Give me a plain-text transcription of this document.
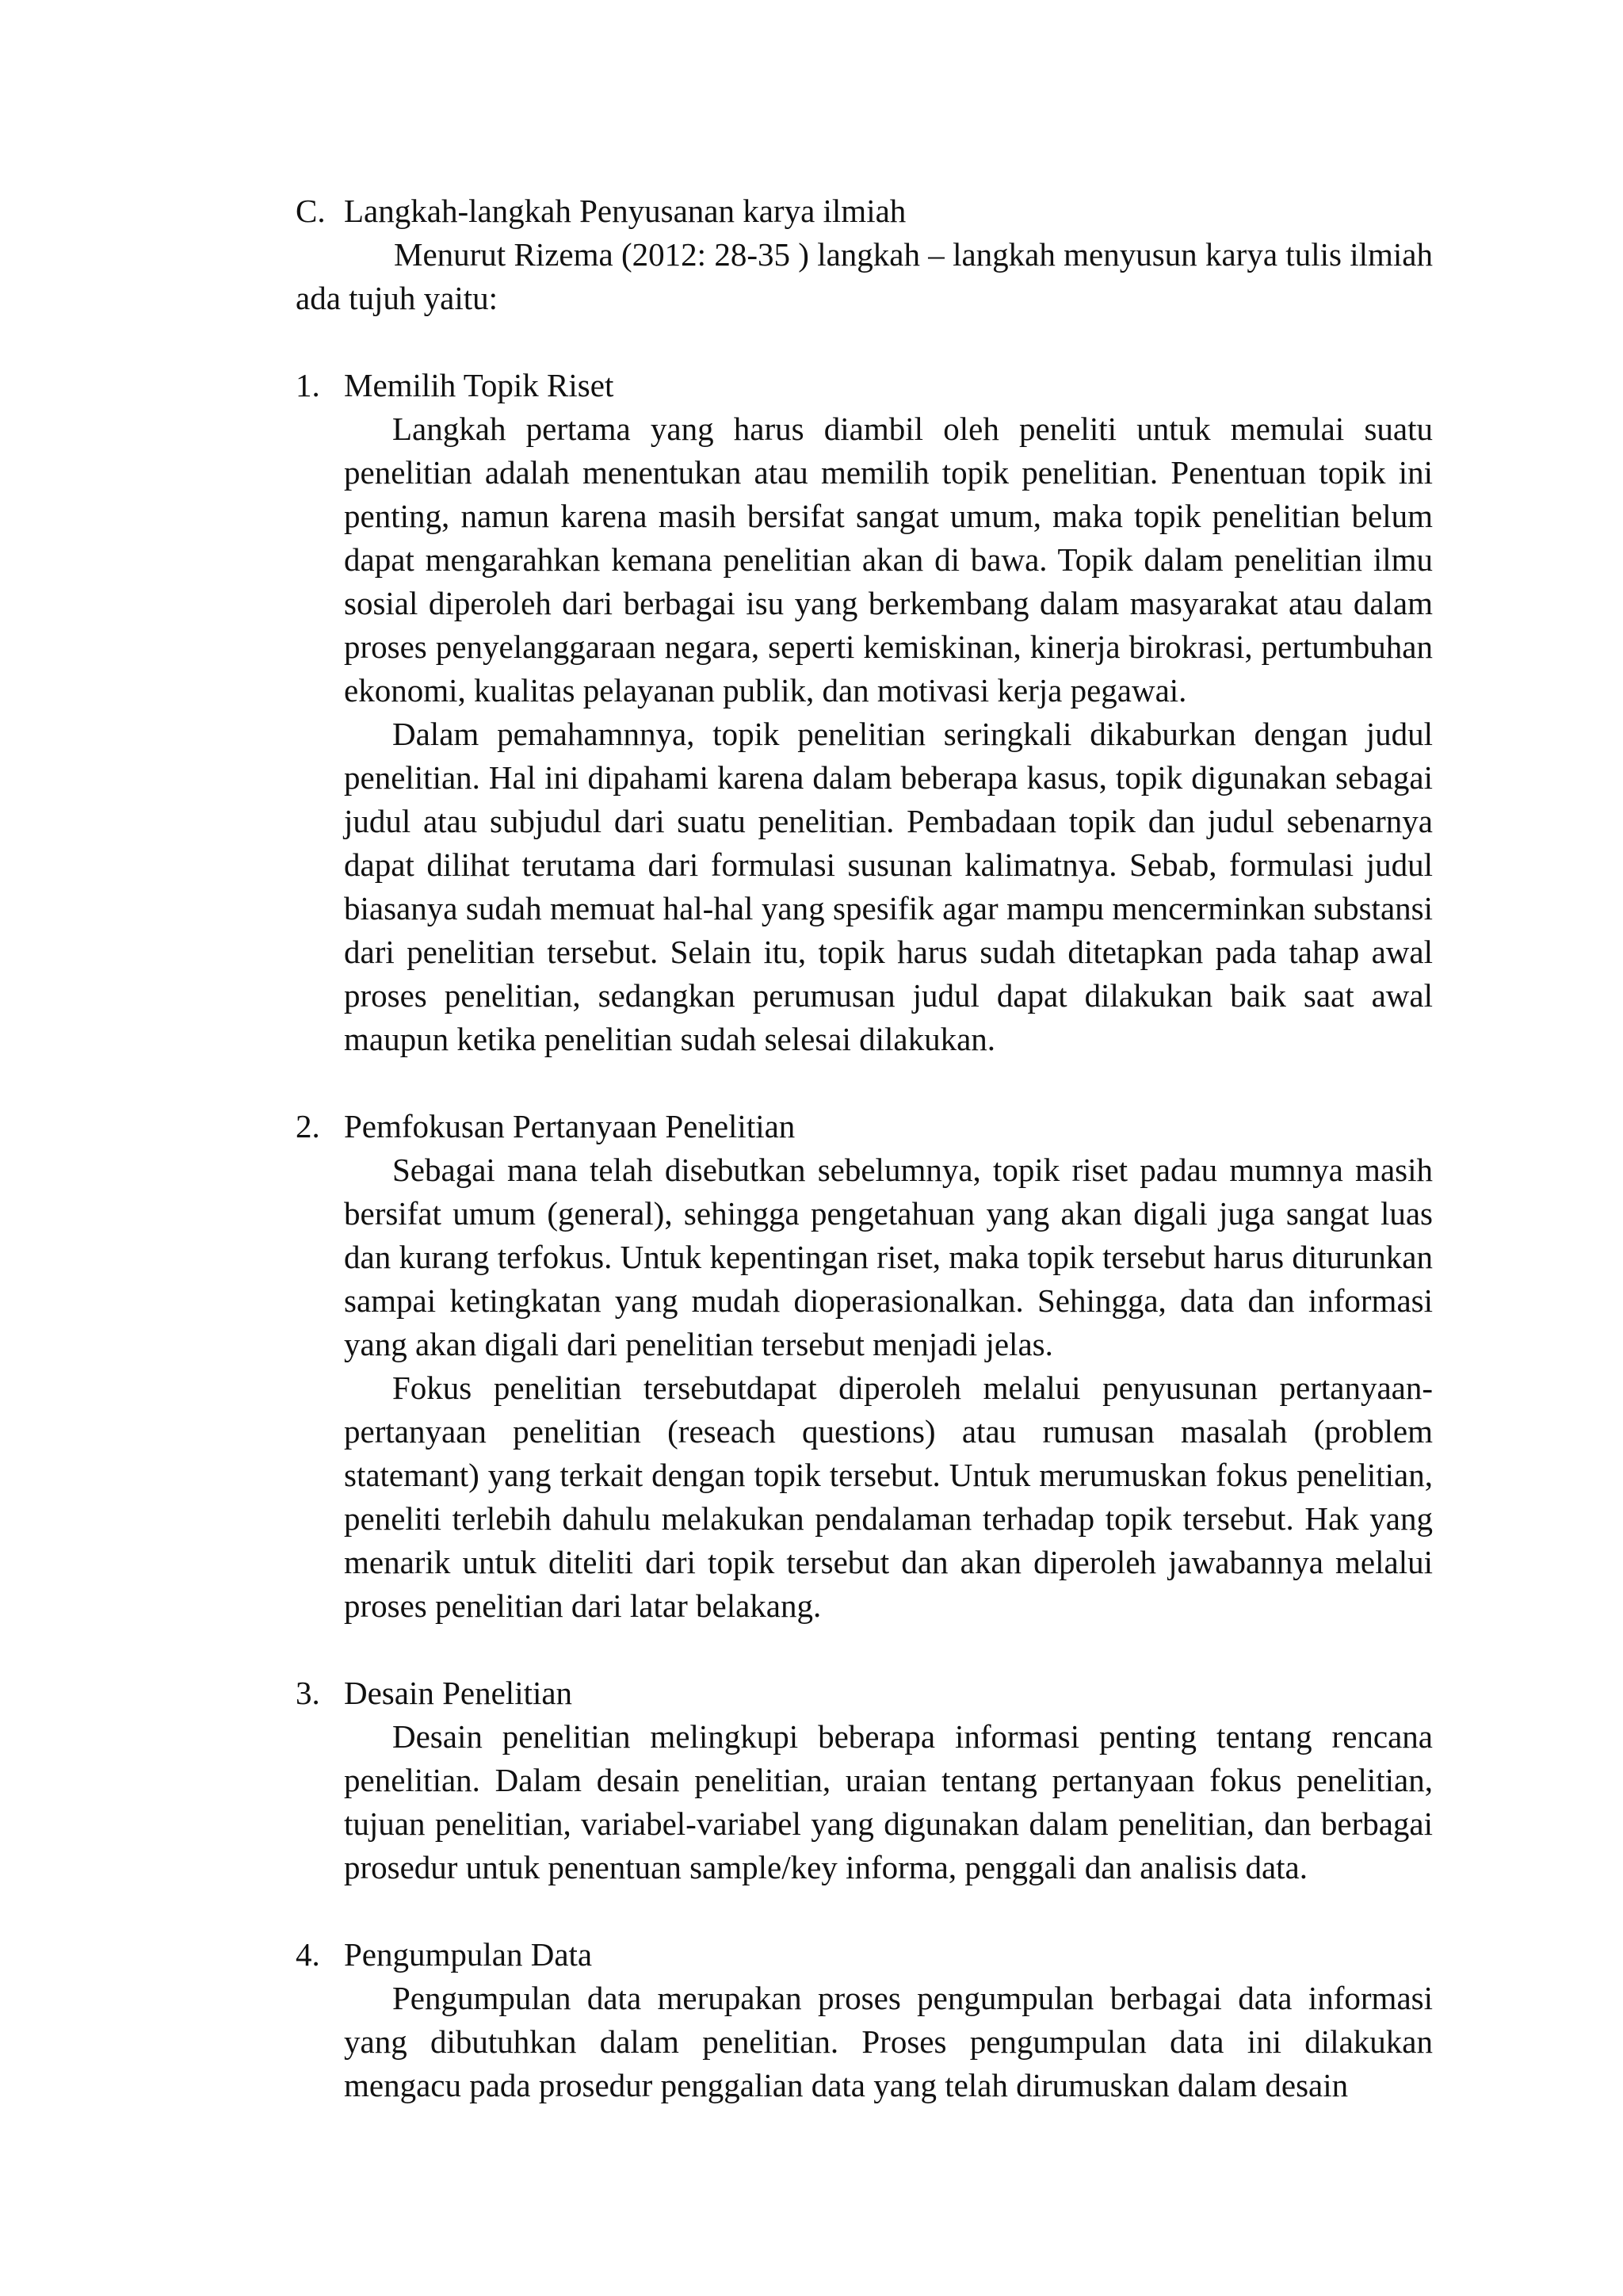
C. Langkah-langkah Penyusanan karya ilmiah

Menurut Rizema (2012: 28-35 ) langkah – langkah menyusun karya tulis ilmiah ada tujuh yaitu:

1. Memilih Topik Riset

Langkah pertama yang harus diambil oleh peneliti untuk memulai suatu penelitian adalah menentukan atau memilih topik penelitian. Penentuan topik ini penting, namun karena masih bersifat sangat umum, maka topik penelitian belum dapat mengarahkan kemana penelitian akan di bawa. Topik dalam penelitian ilmu sosial diperoleh dari berbagai isu yang berkembang dalam masyarakat atau dalam proses penyelanggaraan negara, seperti kemiskinan, kinerja birokrasi, pertumbuhan ekonomi, kualitas pelayanan publik, dan motivasi kerja pegawai.

Dalam pemahamnnya, topik penelitian seringkali dikaburkan dengan judul penelitian. Hal ini dipahami karena dalam beberapa kasus, topik digunakan sebagai judul atau subjudul dari suatu penelitian. Pembadaan topik dan judul sebenarnya dapat dilihat terutama dari formulasi susunan kalimatnya. Sebab, formulasi judul biasanya sudah memuat hal-hal yang spesifik agar mampu mencerminkan substansi dari penelitian tersebut. Selain itu, topik harus sudah ditetapkan pada tahap awal proses penelitian, sedangkan perumusan judul dapat dilakukan baik saat awal maupun ketika penelitian sudah selesai dilakukan.

2. Pemfokusan Pertanyaan Penelitian

Sebagai mana telah disebutkan sebelumnya, topik riset padau mumnya masih bersifat umum (general), sehingga pengetahuan yang akan digali juga sangat luas dan kurang terfokus. Untuk kepentingan riset, maka topik tersebut harus diturunkan sampai ketingkatan yang mudah dioperasionalkan. Sehingga, data dan informasi yang akan digali dari penelitian tersebut menjadi jelas.

Fokus penelitian tersebutdapat diperoleh melalui penyusunan pertanyaan-pertanyaan penelitian (reseach questions) atau rumusan masalah (problem statemant) yang terkait dengan topik tersebut. Untuk merumuskan fokus penelitian, peneliti terlebih dahulu melakukan pendalaman terhadap topik tersebut. Hak yang menarik untuk diteliti dari topik tersebut dan akan diperoleh jawabannya melalui proses penelitian dari latar belakang.

3. Desain Penelitian

Desain penelitian melingkupi beberapa informasi penting tentang rencana penelitian. Dalam desain penelitian, uraian tentang pertanyaan fokus penelitian, tujuan penelitian, variabel-variabel yang digunakan dalam penelitian, dan berbagai prosedur untuk penentuan sample/key informa, penggali dan analisis data.

4. Pengumpulan Data

Pengumpulan data merupakan proses pengumpulan berbagai data informasi yang dibutuhkan dalam penelitian. Proses pengumpulan data ini dilakukan mengacu pada prosedur penggalian data yang telah dirumuskan dalam desain
